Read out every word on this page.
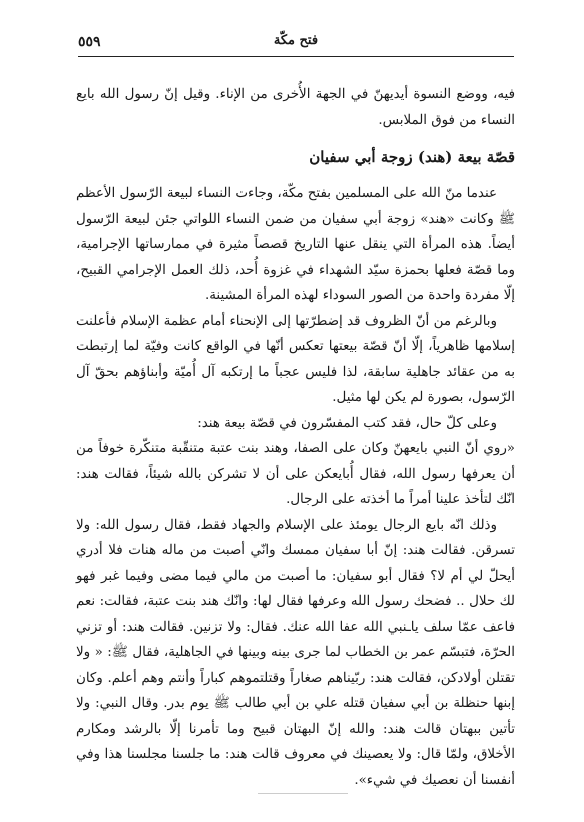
٥٥٩	فتح مكّة

فيه، ووضع النسوة أيديهنّ في الجهة الأُخرى من الإناء. وقيل إنّ رسول الله بايع النساء من فوق الملابس.

قصّة بيعة (هند) زوجة أبي سفيان

عندما منّ الله على المسلمين بفتح مكّة، وجاءت النساء لبيعة الرّسول الأعظم ﷺ وكانت «هند» زوجة أبي سفيان من ضمن النساء اللواتي جئن لبيعة الرّسول أيضاً. هذه المرأة التي ينقل عنها التاريخ قصصاً مثيرة في ممارساتها الإجرامية، وما قصّة فعلها بحمزة سيّد الشهداء في غزوة أُحد، ذلك العمل الإجرامي القبيح، إلّا مفردة واحدة من الصور السوداء لهذه المرأة المشينة.

وبالرغم من أنّ الظروف قد إضطرّتها إلى الإنحناء أمام عظمة الإسلام فأعلنت إسلامها ظاهرياً، إلّا أنّ قصّة بيعتها تعكس أنّها في الواقع كانت وفيّة لما إرتبطت به من عقائد جاهلية سابقة، لذا فليس عجباً ما إرتكبه آل أُميّة وأبناؤهم بحقّ آل الرّسول، بصورة لم يكن لها مثيل.

وعلى كلّ حال، فقد كتب المفسّرون في قصّة بيعة هند:

«روي أنّ النبي بايعهنّ وكان على الصفا، وهند بنت عتبة متنقّبة متنكّرة خوفاً من أن يعرفها رسول الله، فقال أُبايعكن على أن لا تشركن بالله شيئاً، فقالت هند: انّك لتأخذ علينا أمراً ما أخذته على الرجال.

وذلك انّه بايع الرجال يومئذ على الإسلام والجهاد فقط، فقال رسول الله: ولا تسرقن. فقالت هند: إنّ أبا سفيان ممسك وانّي أصبت من ماله هنات فلا أدري أيحلّ لي أم لا؟ فقال أبو سفيان: ما أصبت من مالي فيما مضى وفيما غبر فهو لك حلال .. فضحك رسول الله وعرفها فقال لها: وانّك هند بنت عتبة، فقالت: نعم فاعف عمّا سلف ياـنبي الله عفا الله عنك. فقال: ولا تزنين. فقالت هند: أو تزني الحرّة، فتبسّم عمر بن الخطاب لما جرى بينه وبينها في الجاهلية، فقال ﷺ: « ولا تقتلن أولادكن، فقالت هند: ربّيناهم صغاراً وقتلتموهم كباراً وأنتم وهم أعلم. وكان إبنها حنظلة بن أبي سفيان قتله علي بن أبي طالب ﷺ يوم بدر. وقال النبي: ولا تأتين ببهتان قالت هند: والله إنّ البهتان قبيح وما تأمرنا إلّا بالرشد ومكارم الأخلاق، ولمّا قال: ولا يعصينك في معروف قالت هند: ما جلسنا مجلسنا هذا وفي أنفسنا أن نعصيك في شيء».
